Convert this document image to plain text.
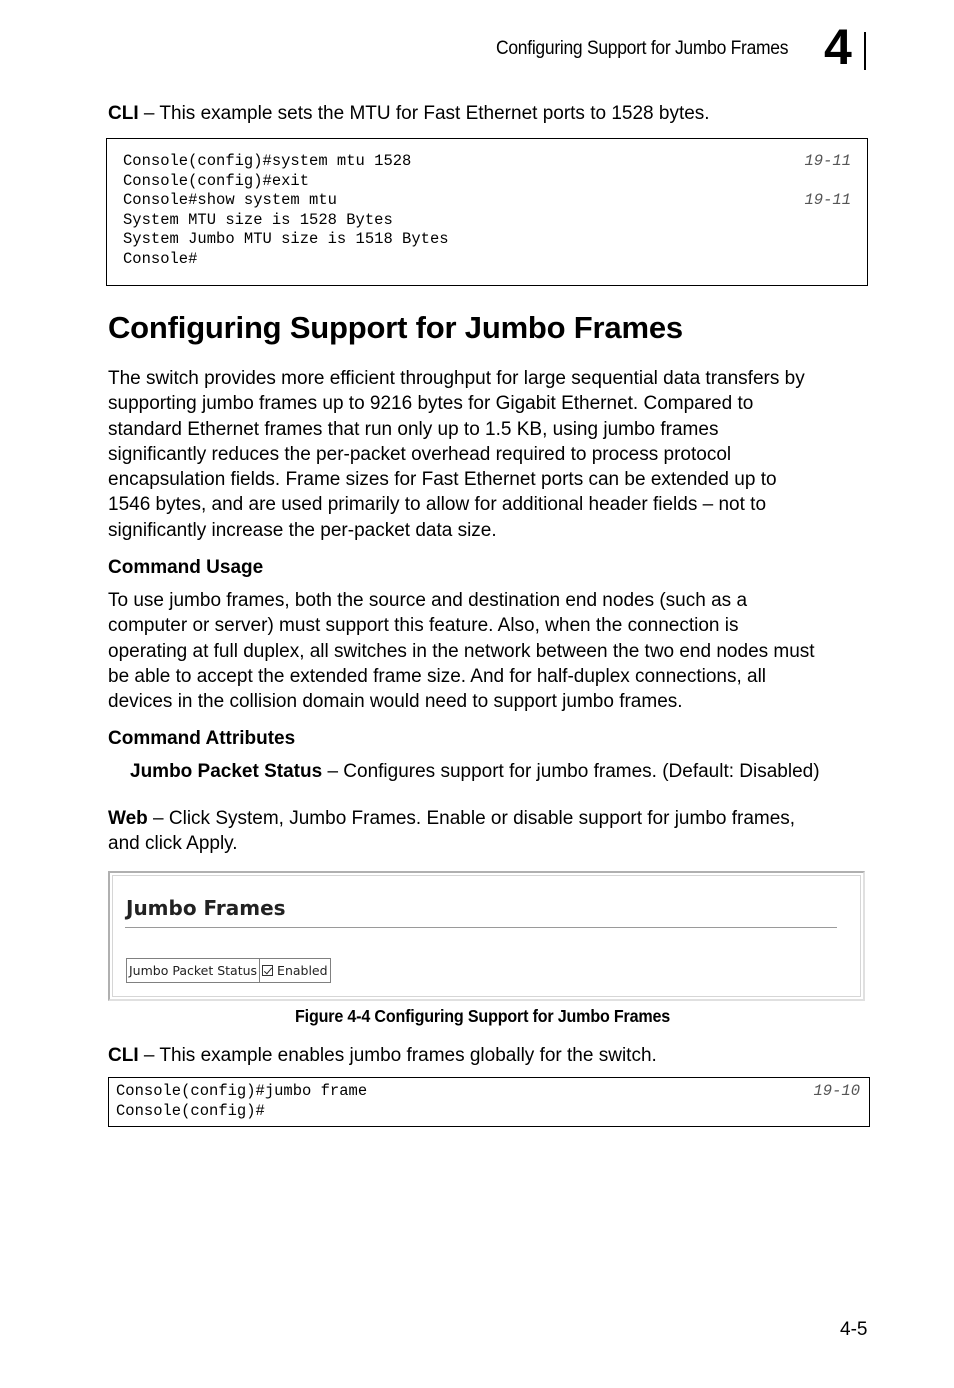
Configuring Support for Jumbo Frames 4
CLI – This example sets the MTU for Fast Ethernet ports to 1528 bytes.
Console(config)#system mtu 1528	19-11
Console(config)#exit
Console#show system mtu	19-11
System MTU size is 1528 Bytes
System Jumbo MTU size is 1518 Bytes
Console#
Configuring Support for Jumbo Frames
The switch provides more efficient throughput for large sequential data transfers by
supporting jumbo frames up to 9216 bytes for Gigabit Ethernet. Compared to
standard Ethernet frames that run only up to 1.5 KB, using jumbo frames
significantly reduces the per-packet overhead required to process protocol
encapsulation fields. Frame sizes for Fast Ethernet ports can be extended up to
1546 bytes, and are used primarily to allow for additional header fields – not to
significantly increase the per-packet data size.
Command Usage
To use jumbo frames, both the source and destination end nodes (such as a
computer or server) must support this feature. Also, when the connection is
operating at full duplex, all switches in the network between the two end nodes must
be able to accept the extended frame size. And for half-duplex connections, all
devices in the collision domain would need to support jumbo frames.
Command Attributes
Jumbo Packet Status – Configures support for jumbo frames. (Default: Disabled)
Web – Click System, Jumbo Frames. Enable or disable support for jumbo frames,
and click Apply.
Jumbo Frames
Jumbo Packet Status Enabled
Figure 4-4 Configuring Support for Jumbo Frames
CLI – This example enables jumbo frames globally for the switch.
Console(config)#jumbo frame	19-10
Console(config)#
4-5
